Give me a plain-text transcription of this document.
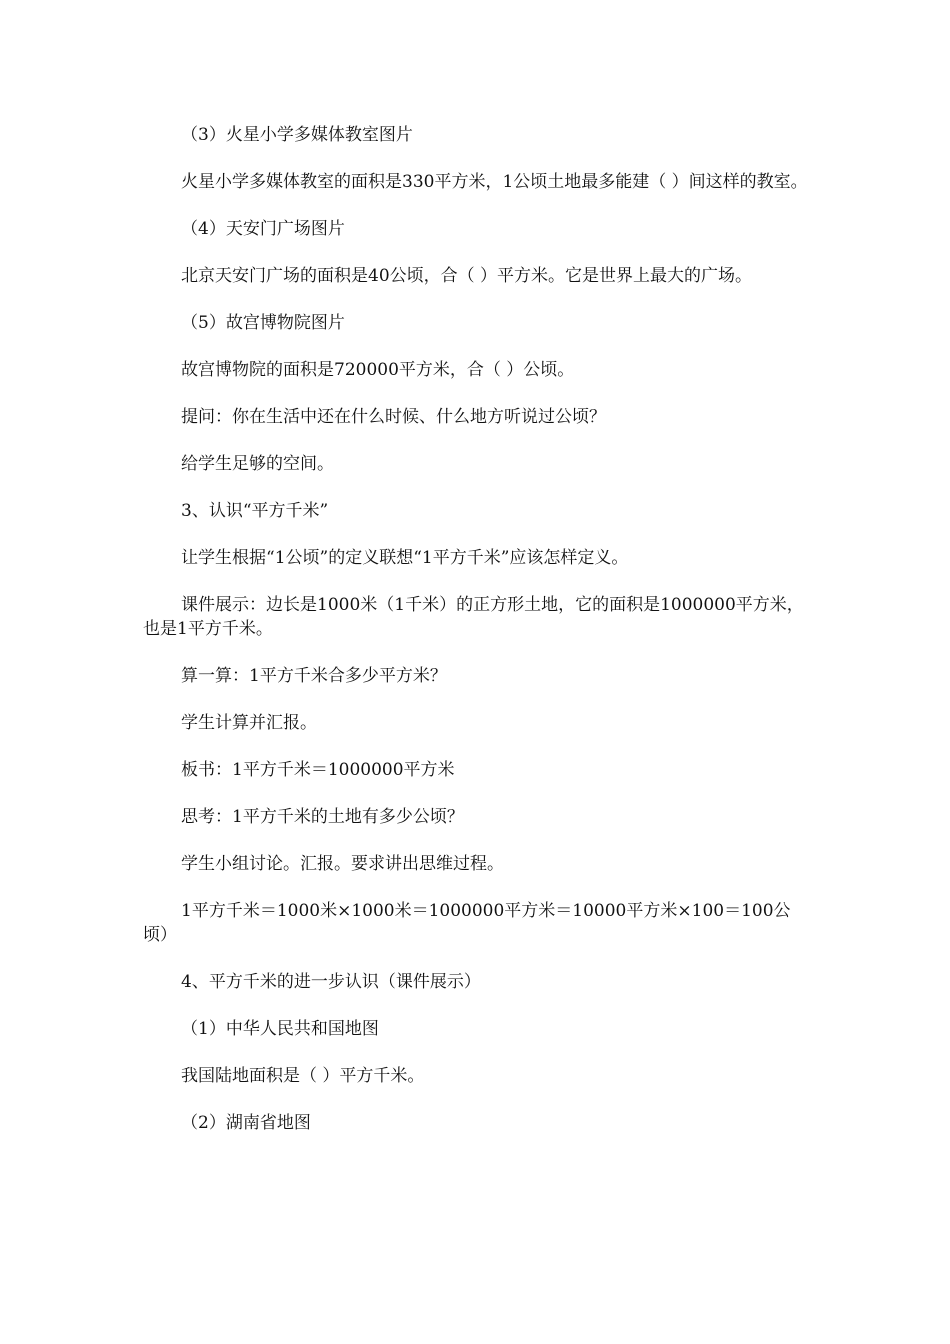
（3）火星小学多媒体教室图片

火星小学多媒体教室的面积是330平方米，1公顷土地最多能建（ ）间这样的教室。

（4）天安门广场图片

北京天安门广场的面积是40公顷，合（ ）平方米。它是世界上最大的广场。

（5）故宫博物院图片

故宫博物院的面积是720000平方米，合（ ）公顷。

提问：你在生活中还在什么时候、什么地方听说过公顷？

给学生足够的空间。

3、认识“平方千米”

让学生根据“1公顷”的定义联想“1平方千米”应该怎样定义。

课件展示：边长是1000米（1千米）的正方形土地，它的面积是1000000平方米，也是1平方千米。

算一算：1平方千米合多少平方米？

学生计算并汇报。

板书：1平方千米＝1000000平方米

思考：1平方千米的土地有多少公顷？

学生小组讨论。汇报。要求讲出思维过程。

1平方千米＝1000米×1000米＝1000000平方米＝10000平方米×100＝100公顷）

4、平方千米的进一步认识（课件展示）

（1）中华人民共和国地图

我国陆地面积是（ ）平方千米。

（2）湖南省地图
